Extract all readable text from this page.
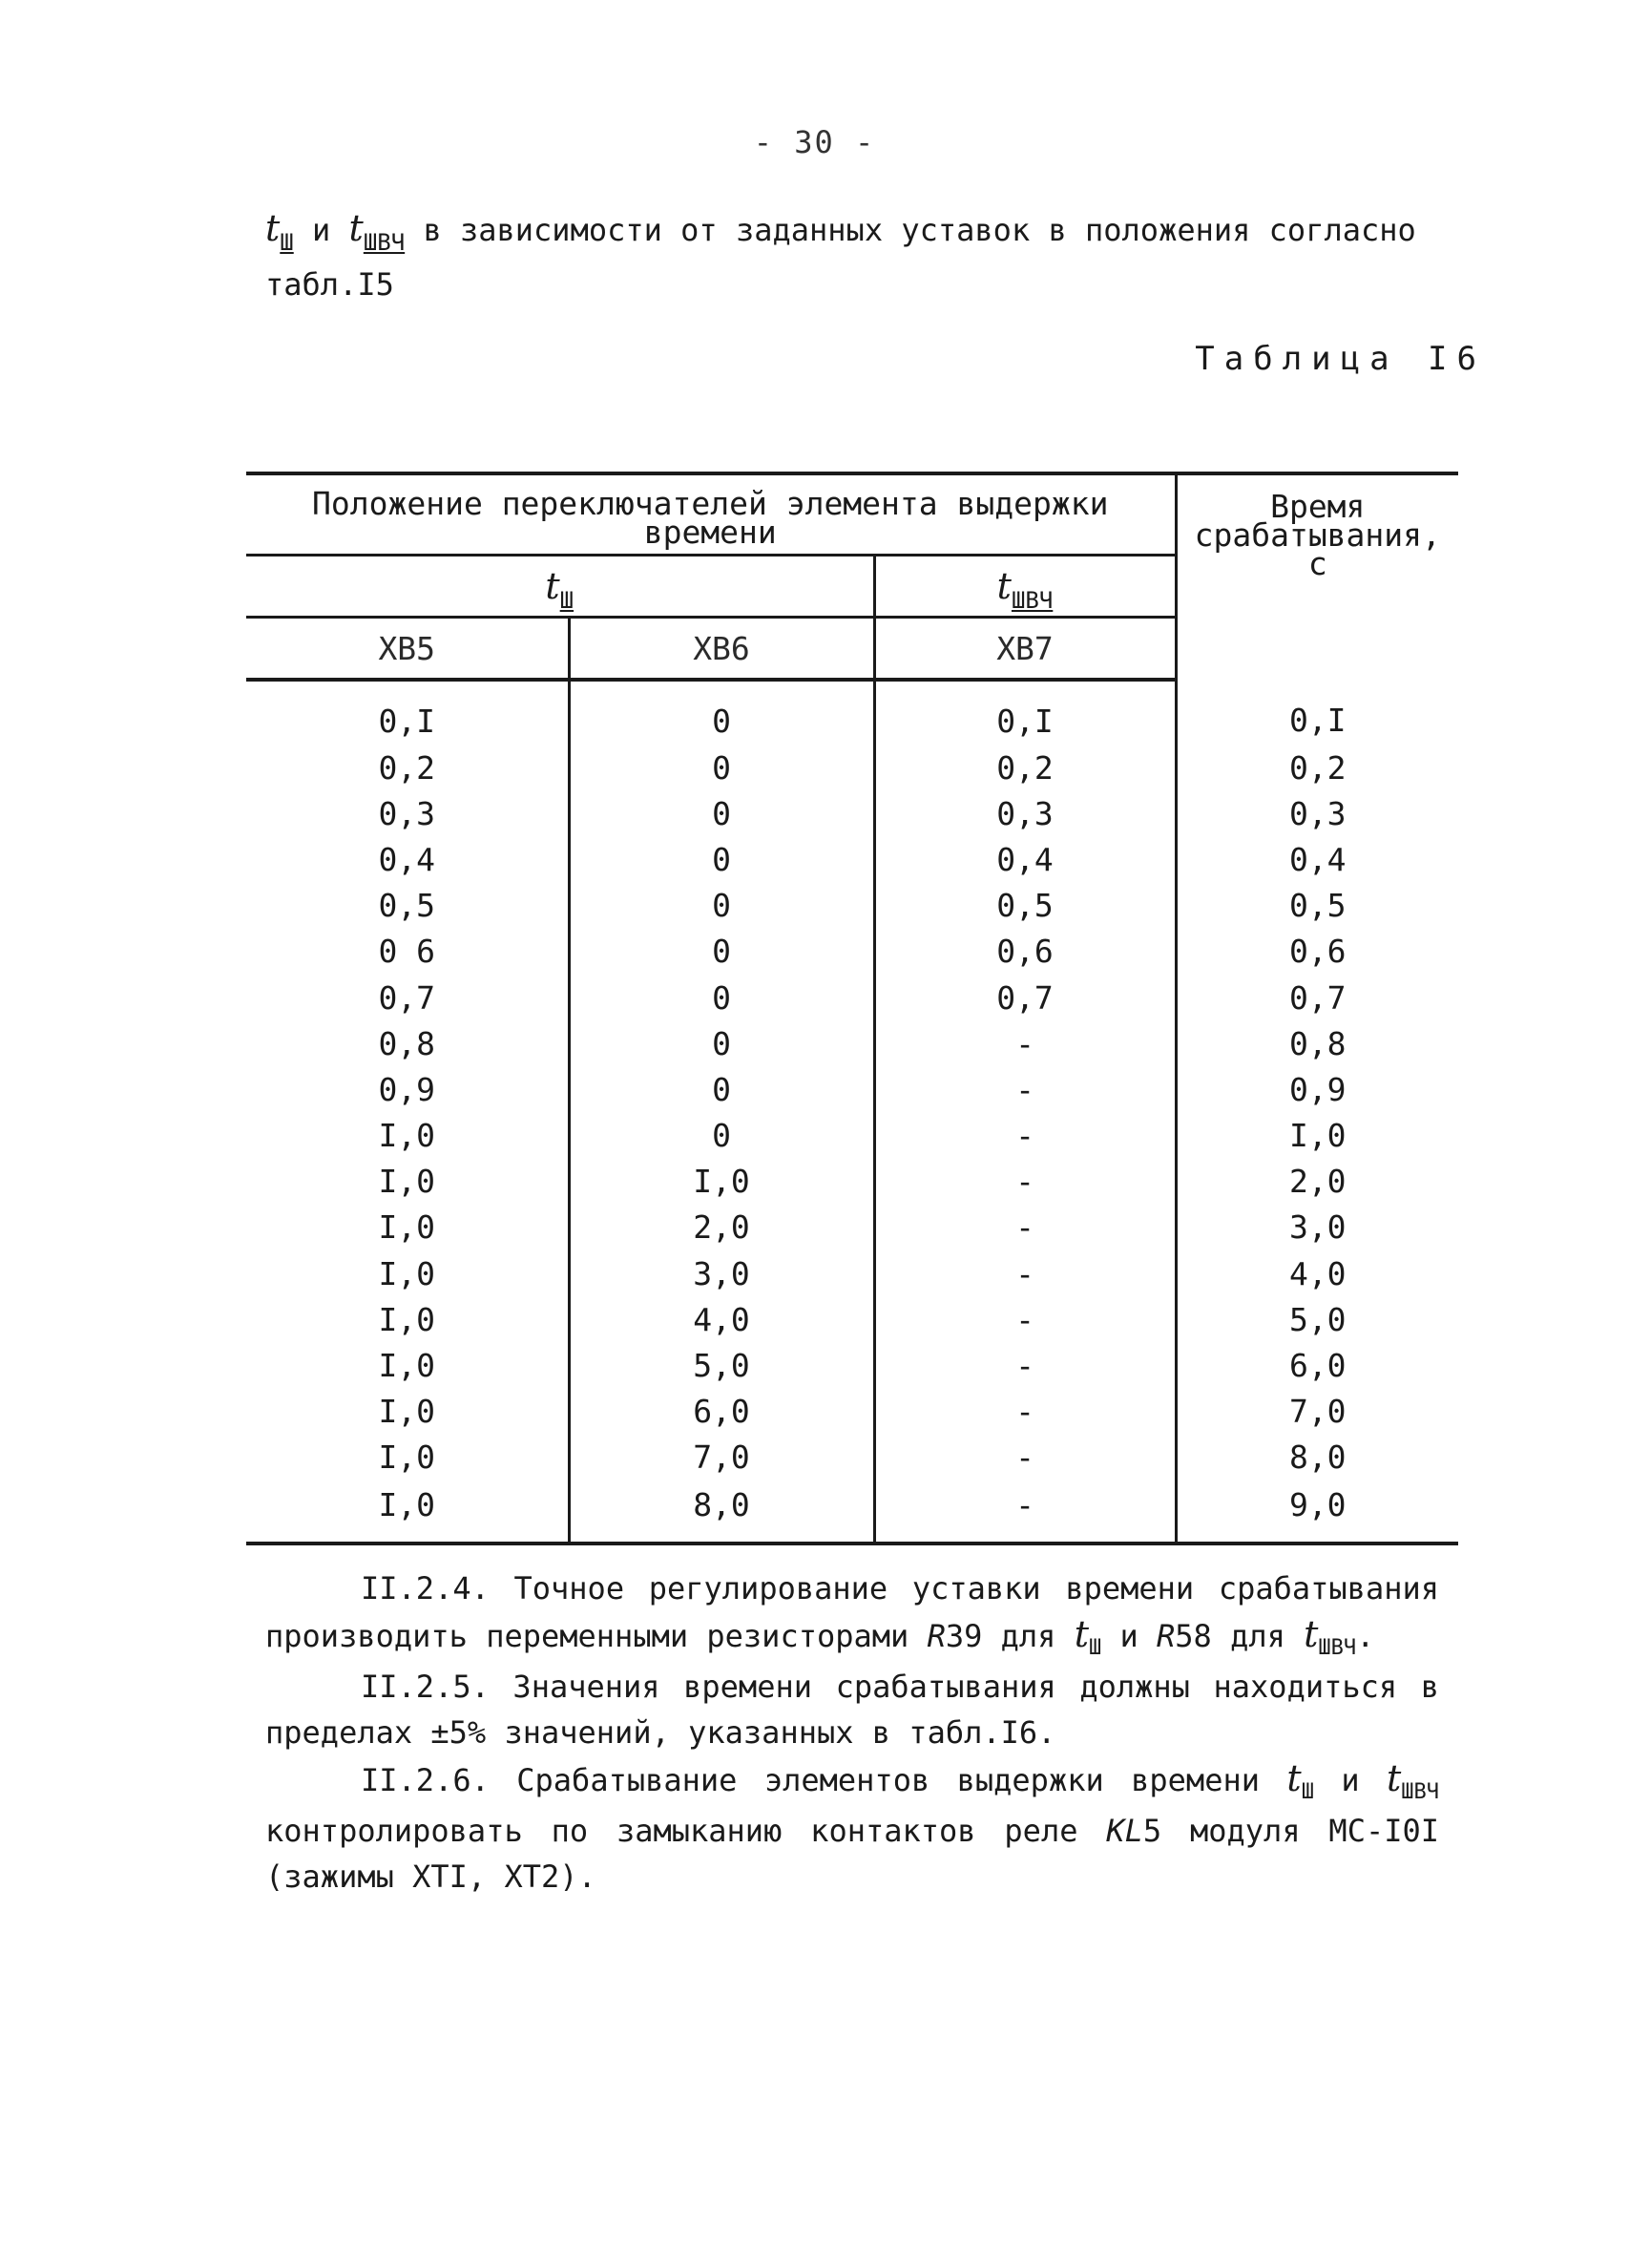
- 30 -
$t_Ш$ и $t_{ШВЧ}$ в зависимости от заданных уставок в положения согласно табл.I5
Таблица I6
Положение переключателей элемента выдержки времени			Время срабатывания, с
$t_Ш$		$t_{ШВЧ}$
ХВ5	ХВ6	ХВ7	
0,I	0	0,I	0,I
0,2	0	0,2	0,2
0,3	0	0,3	0,3
0,4	0	0,4	0,4
0,5	0	0,5	0,5
0 6	0	0,6	0,6
0,7	0	0,7	0,7
0,8	0	-	0,8
0,9	0	-	0,9
I,0	0	-	I,0
I,0	I,0	-	2,0
I,0	2,0	-	3,0
I,0	3,0	-	4,0
I,0	4,0	-	5,0
I,0	5,0	-	6,0
I,0	6,0	-	7,0
I,0	7,0	-	8,0
I,0	8,0	-	9,0

II.2.4. Точное регулирование уставки времени срабатывания производить переменными резисторами R39 для $t_Ш$ и R58 для $t_{ШВЧ}$.

II.2.5. Значения времени срабатывания должны находиться в пределах ±5% значений, указанных в табл.I6.

II.2.6. Срабатывание элементов выдержки времени $t_Ш$ и $t_{ШВЧ}$ контролировать по замыканию контактов реле KL5 модуля МС-I0I (зажимы ХТI, ХТ2).
